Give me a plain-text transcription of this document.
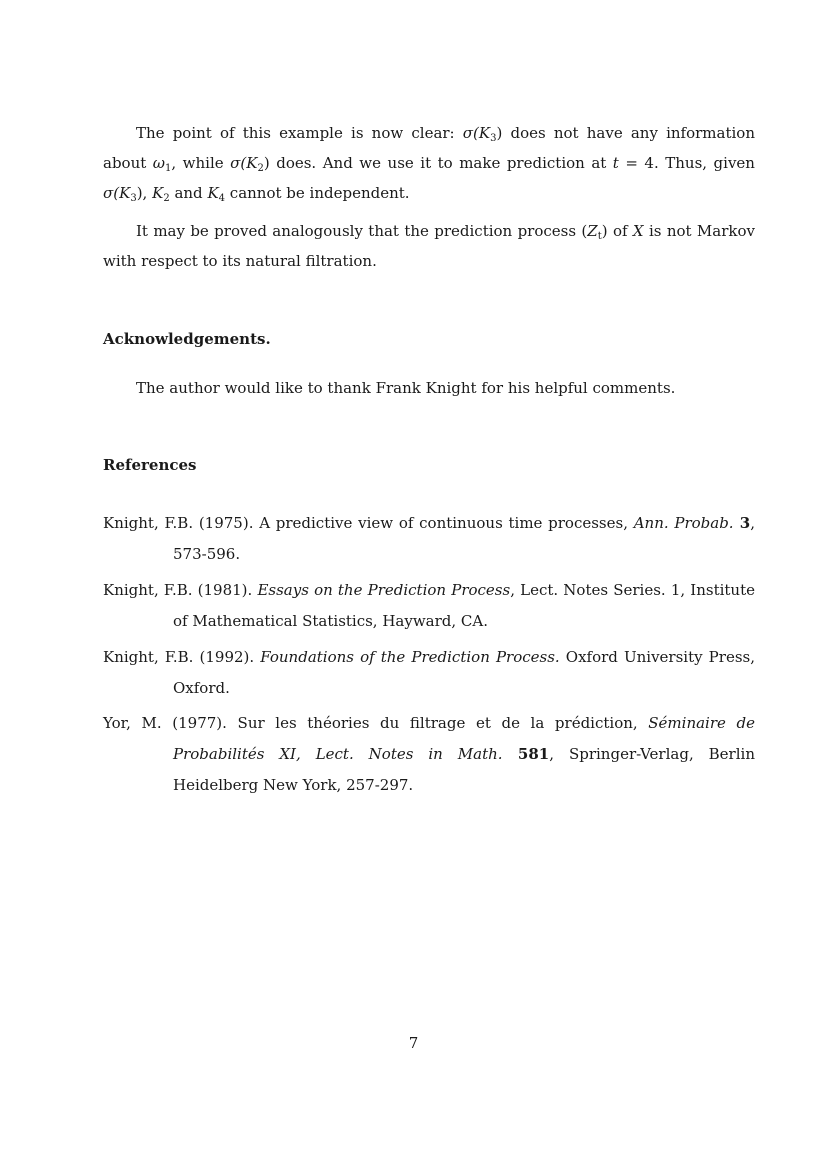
The point of this example is now clear: $\sigma(K_3)$ does not have any information about $\omega_1$, while $\sigma(K_2)$ does. And we use it to make prediction at t = 4. Thus, given $\sigma(K_3)$, $K_2$ and $K_4$ cannot be independent.

It may be proved analogously that the prediction process $(Z_t)$ of X is not Markov with respect to its natural filtration.

Acknowledgements.

The author would like to thank Frank Knight for his helpful comments.

References

Knight, F.B. (1975). A predictive view of continuous time processes, Ann. Probab. 3, 573-596.

Knight, F.B. (1981). Essays on the Prediction Process, Lect. Notes Series. 1, Institute of Mathematical Statistics, Hayward, CA.

Knight, F.B. (1992). Foundations of the Prediction Process. Oxford University Press, Oxford.

Yor, M. (1977). Sur les théories du filtrage et de la prédiction, Séminaire de Probabilités XI, Lect. Notes in Math. 581, Springer-Verlag, Berlin Heidelberg New York, 257-297.

7
